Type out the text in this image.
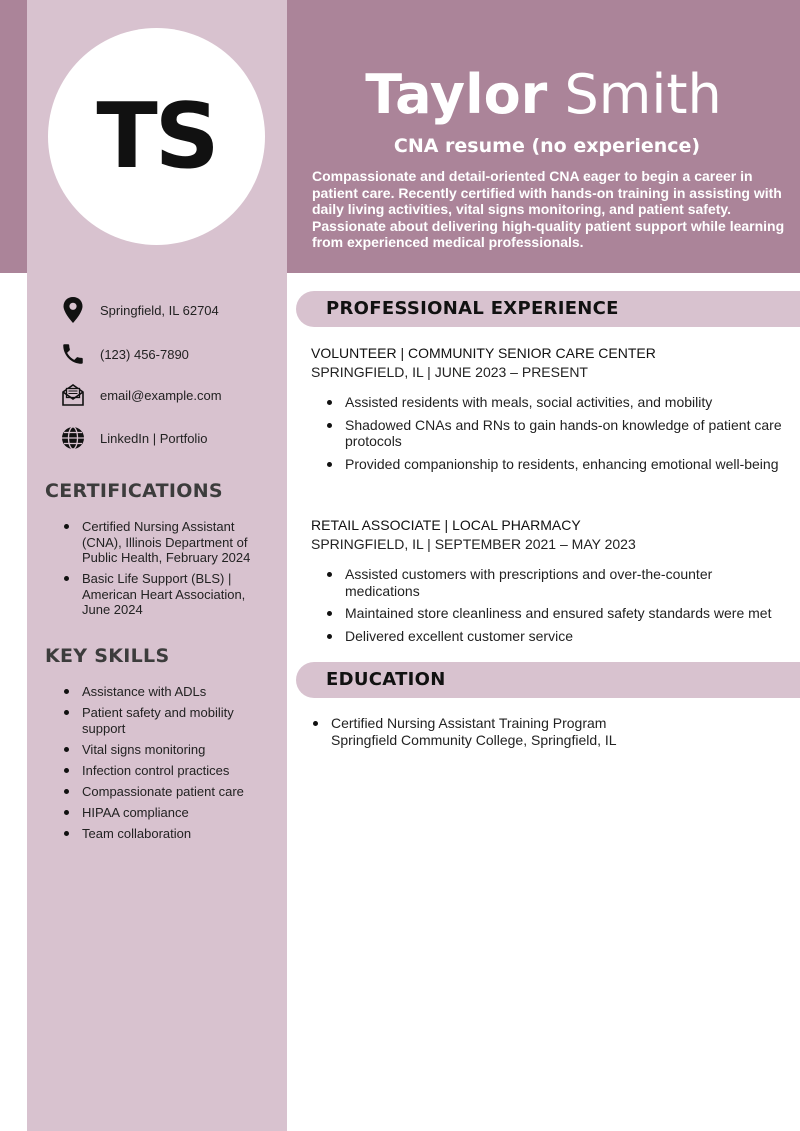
TS	Taylor Smith
CNA resume (no experience)
Compassionate and detail-oriented CNA eager to begin a career in patient care. Recently certified with hands-on training in assisting with daily living activities, vital signs monitoring, and patient safety. Passionate about delivering high-quality patient support while learning from experienced medical professionals.
Springfield, IL 62704
(123) 456-7890
email@example.com
LinkedIn | Portfolio
CERTIFICATIONS
Certified Nursing Assistant (CNA), Illinois Department of Public Health, February 2024
Basic Life Support (BLS) | American Heart Association, June 2024
KEY SKILLS
Assistance with ADLs
Patient safety and mobility support
Vital signs monitoring
Infection control practices
Compassionate patient care
HIPAA compliance
Team collaboration
PROFESSIONAL EXPERIENCE
VOLUNTEER | COMMUNITY SENIOR CARE CENTER
SPRINGFIELD, IL | JUNE 2023 – PRESENT
Assisted residents with meals, social activities, and mobility
Shadowed CNAs and RNs to gain hands-on knowledge of patient care protocols
Provided companionship to residents, enhancing emotional well-being
RETAIL ASSOCIATE | LOCAL PHARMACY
SPRINGFIELD, IL | SEPTEMBER 2021 – MAY 2023
Assisted customers with prescriptions and over-the-counter medications
Maintained store cleanliness and ensured safety standards were met
Delivered excellent customer service
EDUCATION
Certified Nursing Assistant Training Program
Springfield Community College, Springfield, IL
